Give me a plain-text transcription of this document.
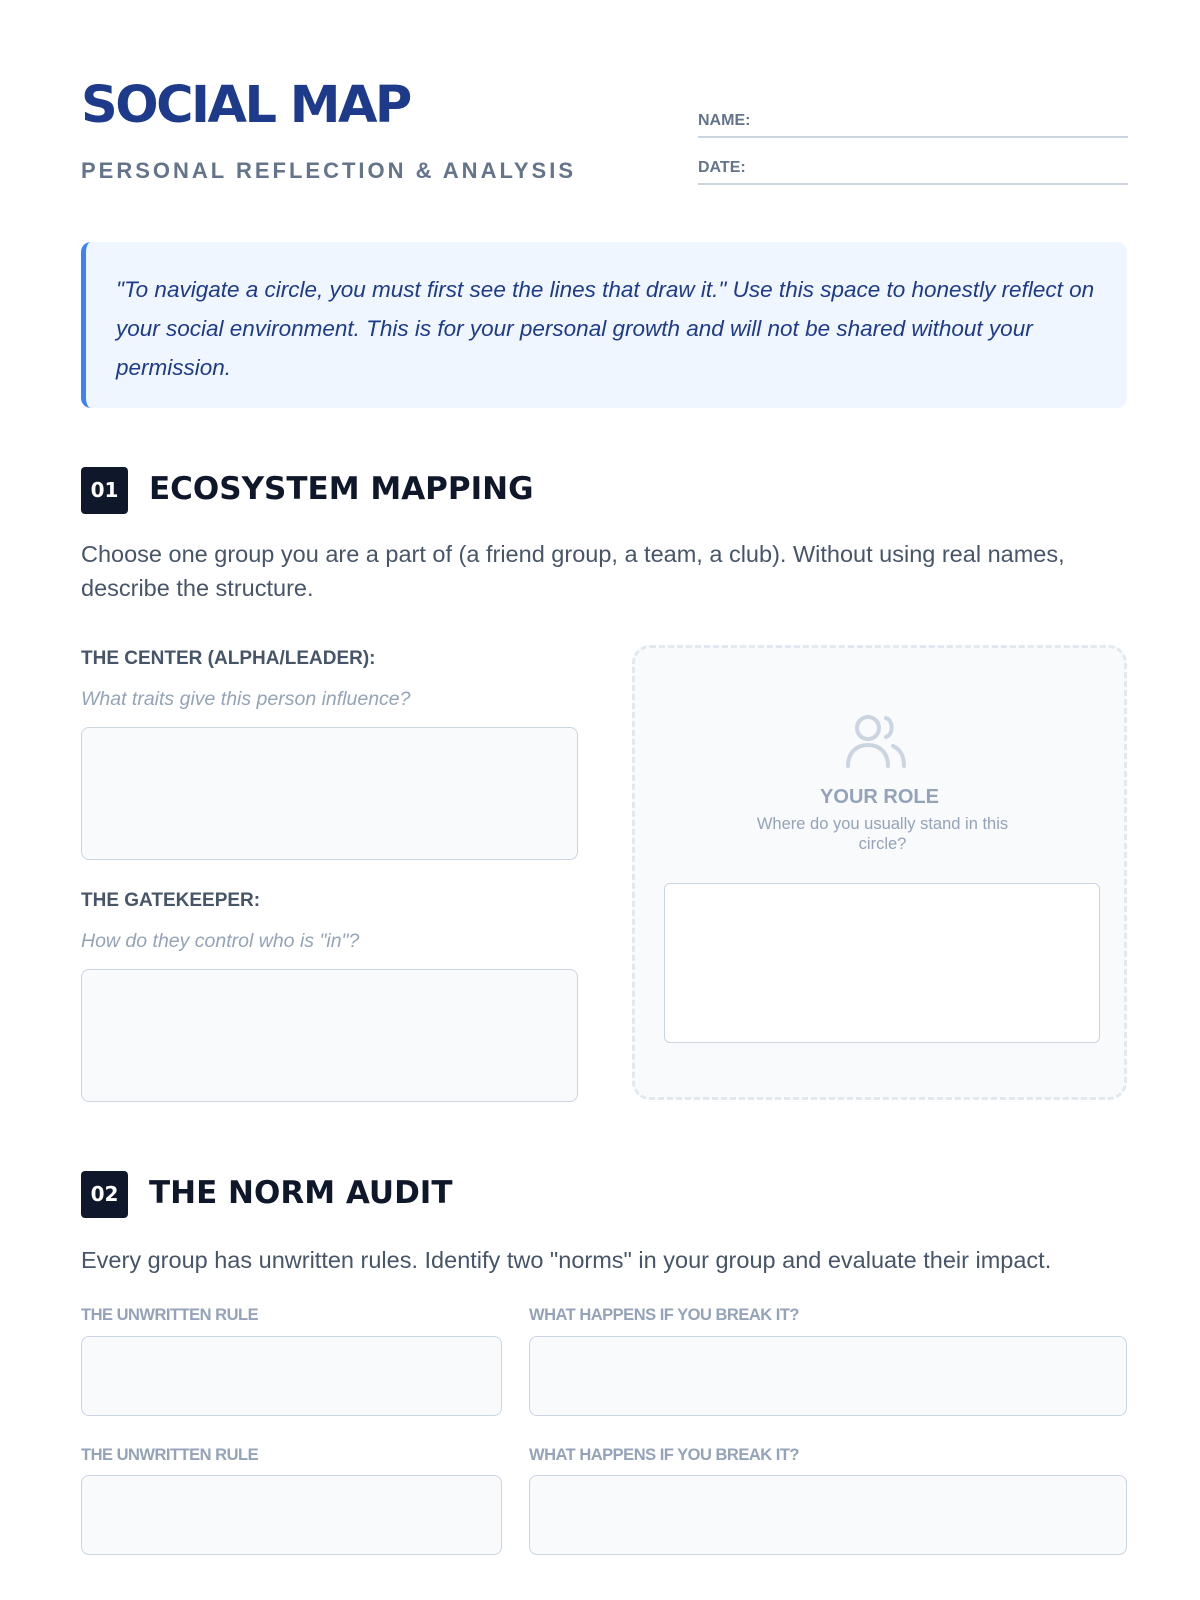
SOCIAL MAP
PERSONAL REFLECTION & ANALYSIS
NAME:
DATE:

"To navigate a circle, you must first see the lines that draw it." Use this space to honestly reflect on your social environment. This is for your personal growth and will not be shared without your permission.

01 ECOSYSTEM MAPPING
Choose one group you are a part of (a friend group, a team, a club). Without using real names, describe the structure.
THE CENTER (ALPHA/LEADER):
What traits give this person influence?
THE GATEKEEPER:
How do they control who is "in"?
YOUR ROLE
Where do you usually stand in this circle?
02 THE NORM AUDIT
Every group has unwritten rules. Identify two "norms" in your group and evaluate their impact.
THE UNWRITTEN RULE	WHAT HAPPENS IF YOU BREAK IT?
THE UNWRITTEN RULE	WHAT HAPPENS IF YOU BREAK IT?
